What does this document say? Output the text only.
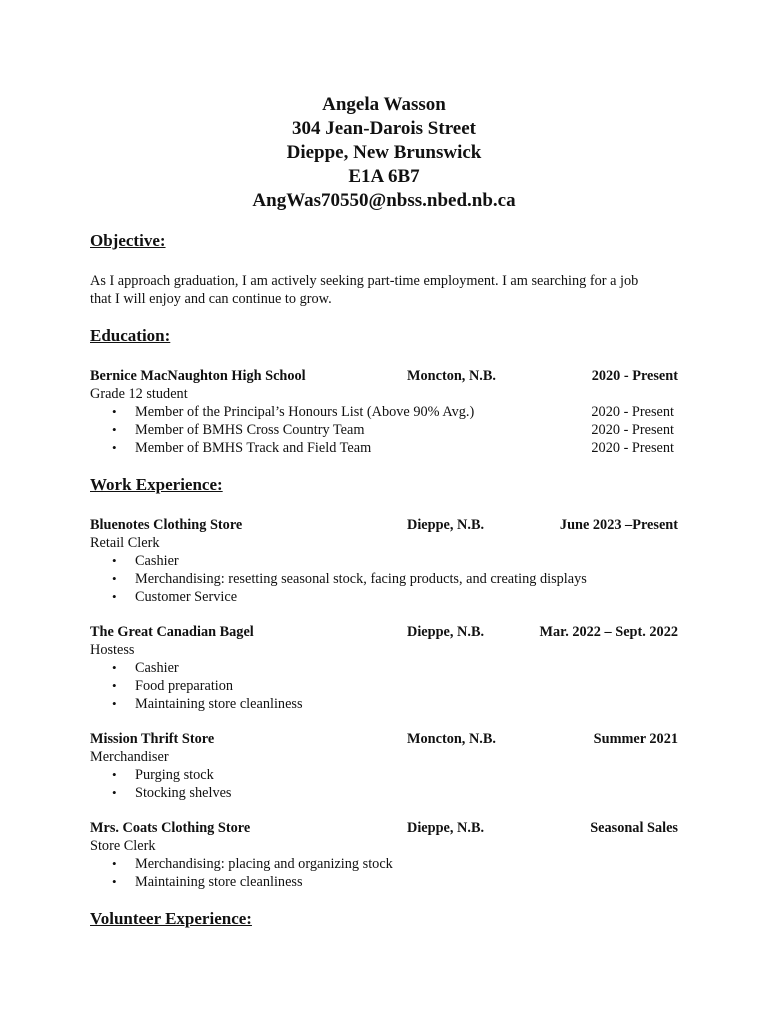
Angela Wasson
304 Jean-Darois Street
Dieppe, New Brunswick
E1A 6B7
AngWas70550@nbss.nbed.nb.ca
Objective:
As I approach graduation, I am actively seeking part-time employment. I am searching for a job
that I will enjoy and can continue to grow.
Education:
Bernice MacNaughton High School	Moncton, N.B.	2020 - Present
Grade 12 student
• Member of the Principal’s Honours List (Above 90% Avg.)	2020 - Present
• Member of BMHS Cross Country Team	2020 - Present
• Member of BMHS Track and Field Team	2020 - Present
Work Experience:
Bluenotes Clothing Store	Dieppe, N.B.	June 2023 –Present
Retail Clerk
• Cashier
• Merchandising: resetting seasonal stock, facing products, and creating displays
• Customer Service
The Great Canadian Bagel	Dieppe, N.B.	Mar. 2022 – Sept. 2022
Hostess
• Cashier
• Food preparation
• Maintaining store cleanliness
Mission Thrift Store	Moncton, N.B.	Summer 2021
Merchandiser
• Purging stock
• Stocking shelves
Mrs. Coats Clothing Store	Dieppe, N.B.	Seasonal Sales
Store Clerk
• Merchandising: placing and organizing stock
• Maintaining store cleanliness
Volunteer Experience:
